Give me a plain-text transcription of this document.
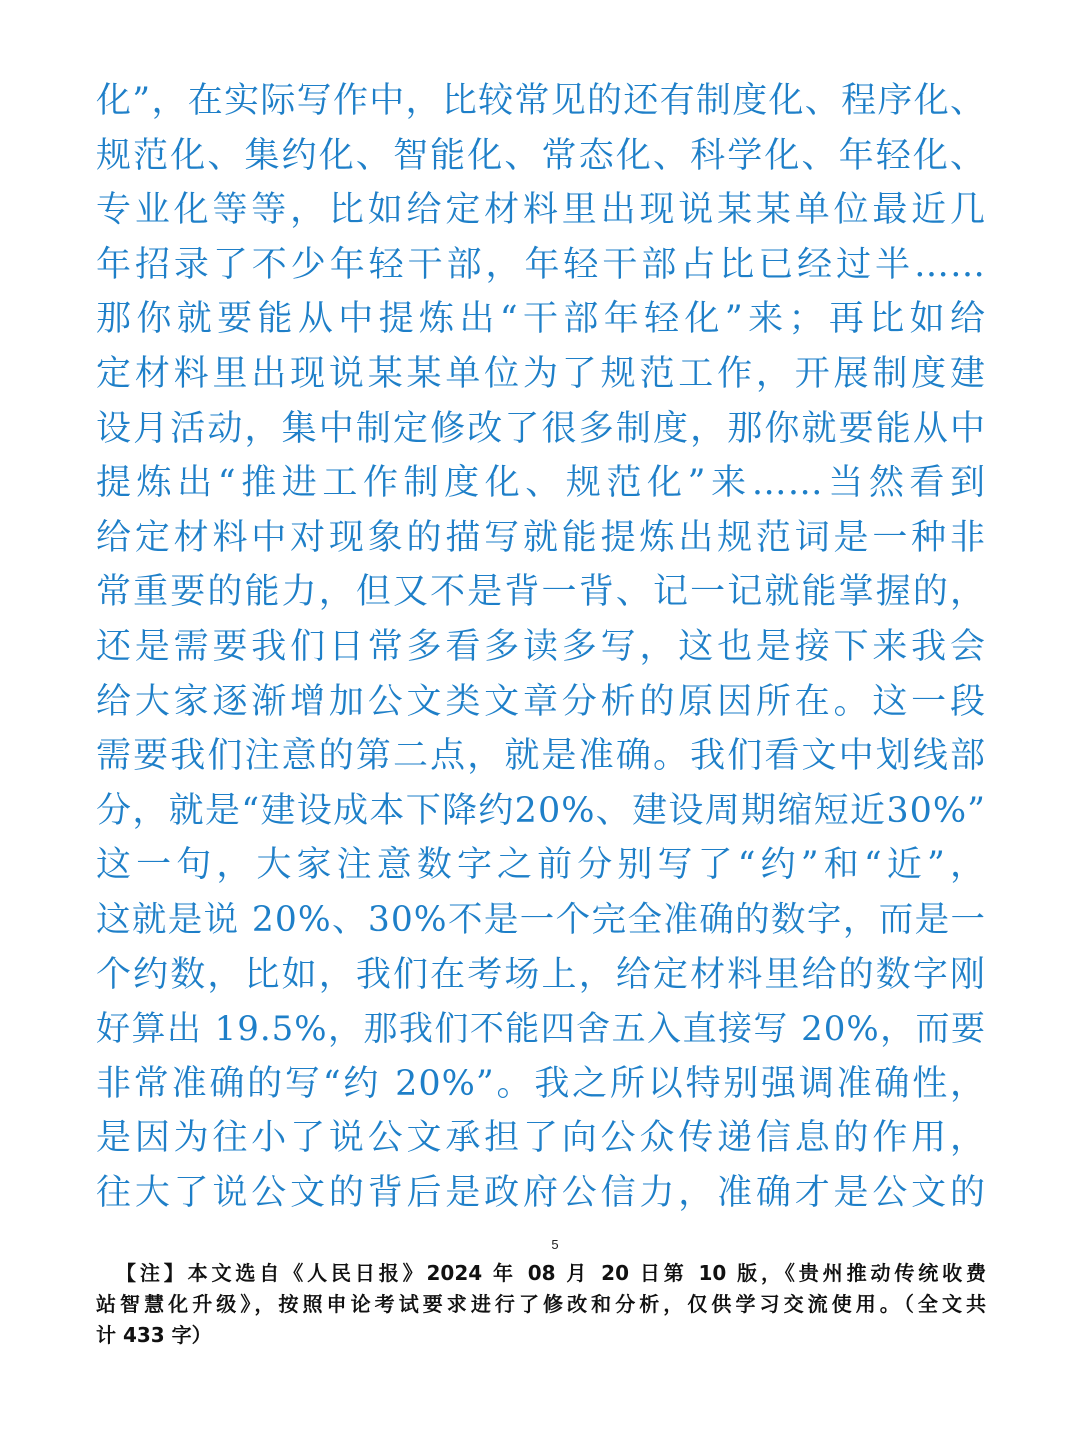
化”，在实际写作中，比较常见的还有制度化、程序化、
规范化、集约化、智能化、常态化、科学化、年轻化、
专业化等等，比如给定材料里出现说某某单位最近几
年招录了不少年轻干部，年轻干部占比已经过半……
那你就要能从中提炼出“干部年轻化”来；再比如给
定材料里出现说某某单位为了规范工作，开展制度建
设月活动，集中制定修改了很多制度，那你就要能从中
提炼出“推进工作制度化、规范化”来……当然看到
给定材料中对现象的描写就能提炼出规范词是一种非
常重要的能力，但又不是背一背、记一记就能掌握的，
还是需要我们日常多看多读多写，这也是接下来我会
给大家逐渐增加公文类文章分析的原因所在。这一段
需要我们注意的第二点，就是准确。我们看文中划线部
分，就是“建设成本下降约20%、建设周期缩短近30%”
这一句，大家注意数字之前分别写了“约”和“近”，
这就是说 20%、30%不是一个完全准确的数字，而是一
个约数，比如，我们在考场上，给定材料里给的数字刚
好算出 19.5%，那我们不能四舍五入直接写 20%，而要
非常准确的写“约 20%”。我之所以特别强调准确性，
是因为往小了说公文承担了向公众传递信息的作用，
往大了说公文的背后是政府公信力，准确才是公文的
5
【注】本文选自《人民日报》2024 年 08 月 20 日第 10 版，《贵州推动传统收费
站智慧化升级》，按照申论考试要求进行了修改和分析，仅供学习交流使用。（全文共
计 433 字）
